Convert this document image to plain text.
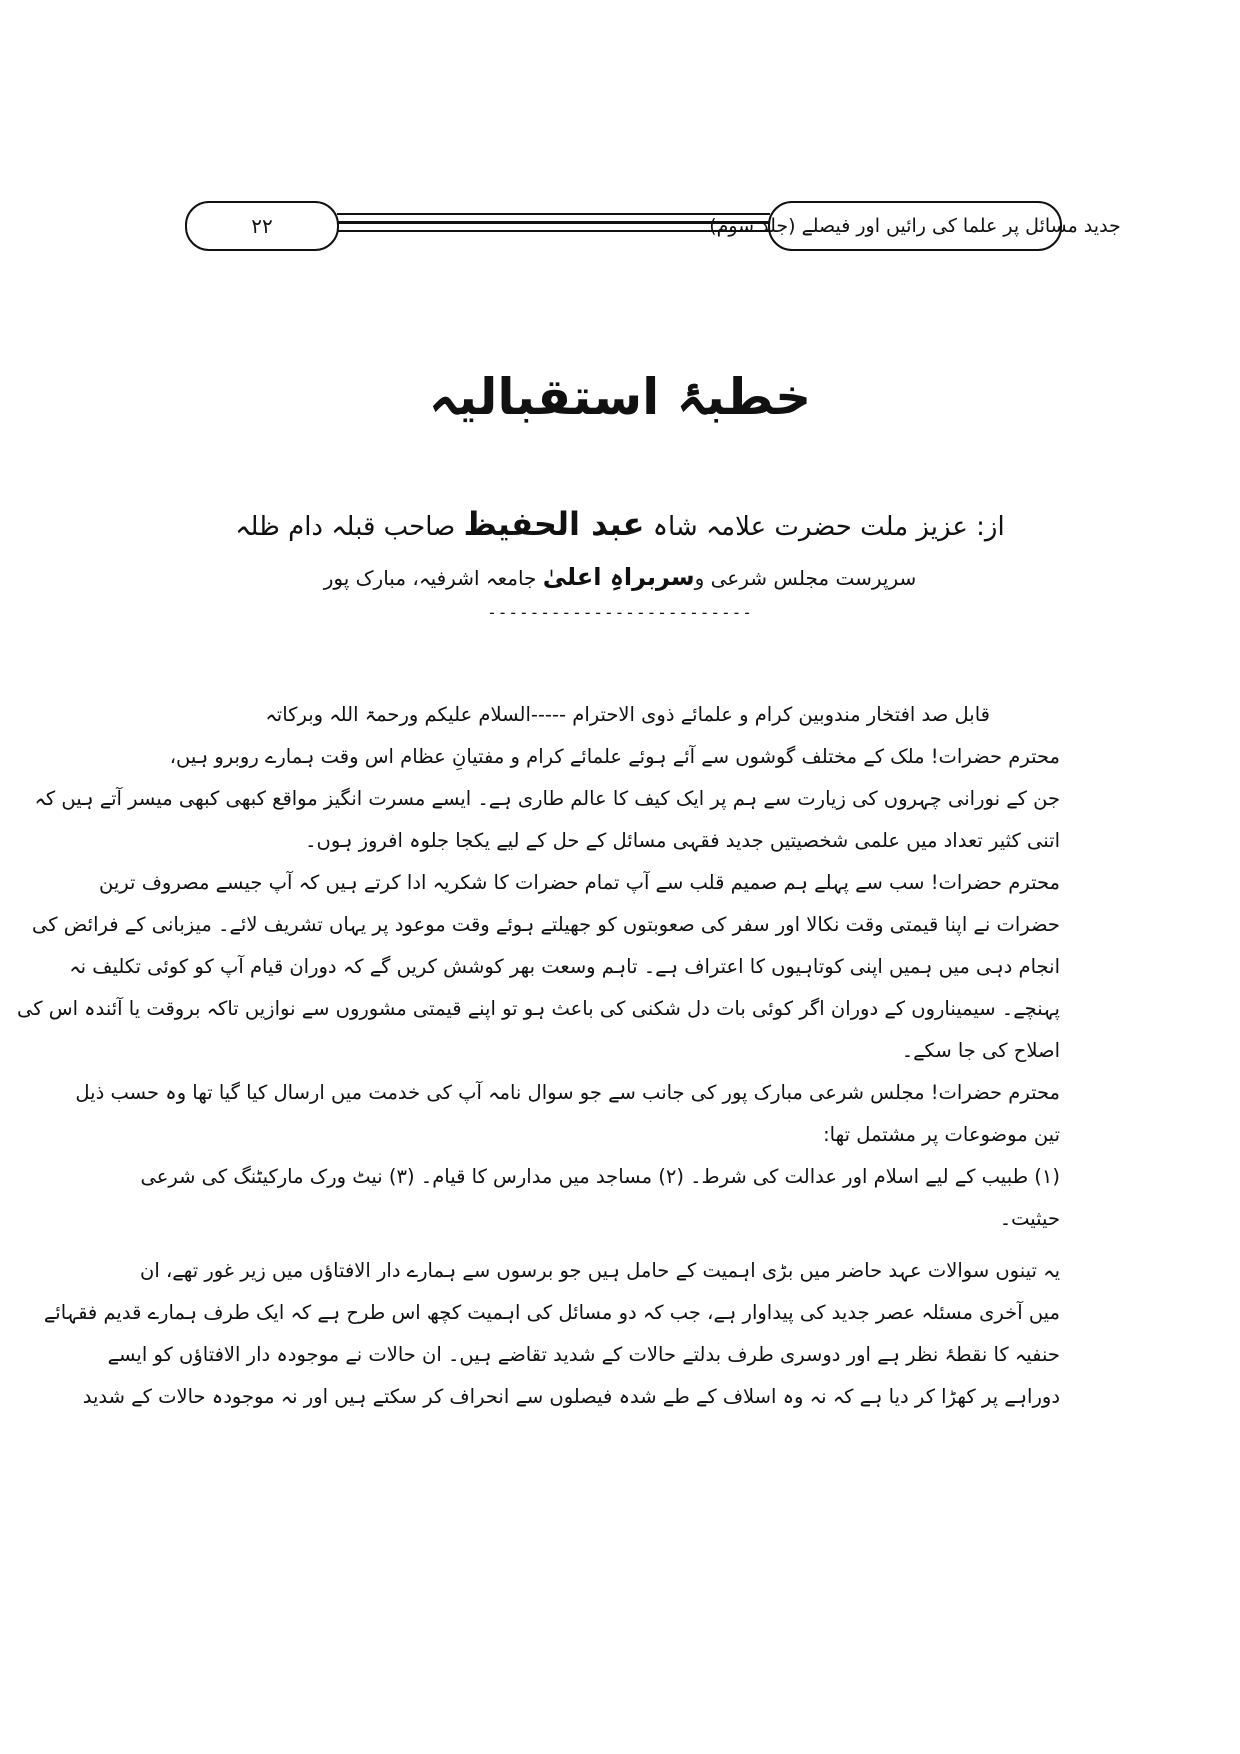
جدید مسائل پر علما کی رائیں اور فیصلے (جلد سوم)
۲۲
خطبۂ استقبالیہ
از: عزیز ملت حضرت علامہ شاہ عبد الحفیظ صاحب قبلہ دام ظلہ
سرپرست مجلس شرعی وسربراہِ اعلیٰ جامعہ اشرفیہ، مبارک پور
-------------------------
قابل صد افتخار مندوبین کرام و علمائے ذوی الاحترام -----السلام علیکم ورحمۃ اللہ وبرکاتہ
محترم حضرات! ملک کے مختلف گوشوں سے آئے ہوئے علمائے کرام و مفتیانِ عظام اس وقت ہمارے روبرو ہیں،
جن کے نورانی چہروں کی زیارت سے ہم پر ایک کیف کا عالم طاری ہے۔ ایسے مسرت انگیز مواقع کبھی کبھی میسر آتے ہیں کہ
اتنی کثیر تعداد میں علمی شخصیتیں جدید فقہی مسائل کے حل کے لیے یکجا جلوہ افروز ہوں۔
محترم حضرات! سب سے پہلے ہم صمیم قلب سے آپ تمام حضرات کا شکریہ ادا کرتے ہیں کہ آپ جیسے مصروف ترین
حضرات نے اپنا قیمتی وقت نکالا اور سفر کی صعوبتوں کو جھیلتے ہوئے وقت موعود پر یہاں تشریف لائے۔ میزبانی کے فرائض کی
انجام دہی میں ہمیں اپنی کوتاہیوں کا اعتراف ہے۔ تاہم وسعت بھر کوشش کریں گے کہ دوران قیام آپ کو کوئی تکلیف نہ
پہنچے۔ سیمیناروں کے دوران اگر کوئی بات دل شکنی کی باعث ہو تو اپنے قیمتی مشوروں سے نوازیں تاکہ بروقت یا آئندہ اس کی
اصلاح کی جا سکے۔
محترم حضرات! مجلس شرعی مبارک پور کی جانب سے جو سوال نامہ آپ کی خدمت میں ارسال کیا گیا تھا وہ حسب ذیل
تین موضوعات پر مشتمل تھا:
(۱) طبیب کے لیے اسلام اور عدالت کی شرط۔ (۲) مساجد میں مدارس کا قیام۔ (۳) نیٹ ورک مارکیٹنگ کی شرعی
حیثیت۔
یہ تینوں سوالات عہد حاضر میں بڑی اہمیت کے حامل ہیں جو برسوں سے ہمارے دار الافتاؤں میں زیر غور تھے، ان
میں آخری مسئلہ عصر جدید کی پیداوار ہے، جب کہ دو مسائل کی اہمیت کچھ اس طرح ہے کہ ایک طرف ہمارے قدیم فقہائے
حنفیہ کا نقطۂ نظر ہے اور دوسری طرف بدلتے حالات کے شدید تقاضے ہیں۔ ان حالات نے موجودہ دار الافتاؤں کو ایسے
دوراہے پر کھڑا کر دیا ہے کہ نہ وہ اسلاف کے طے شدہ فیصلوں سے انحراف کر سکتے ہیں اور نہ موجودہ حالات کے شدید
